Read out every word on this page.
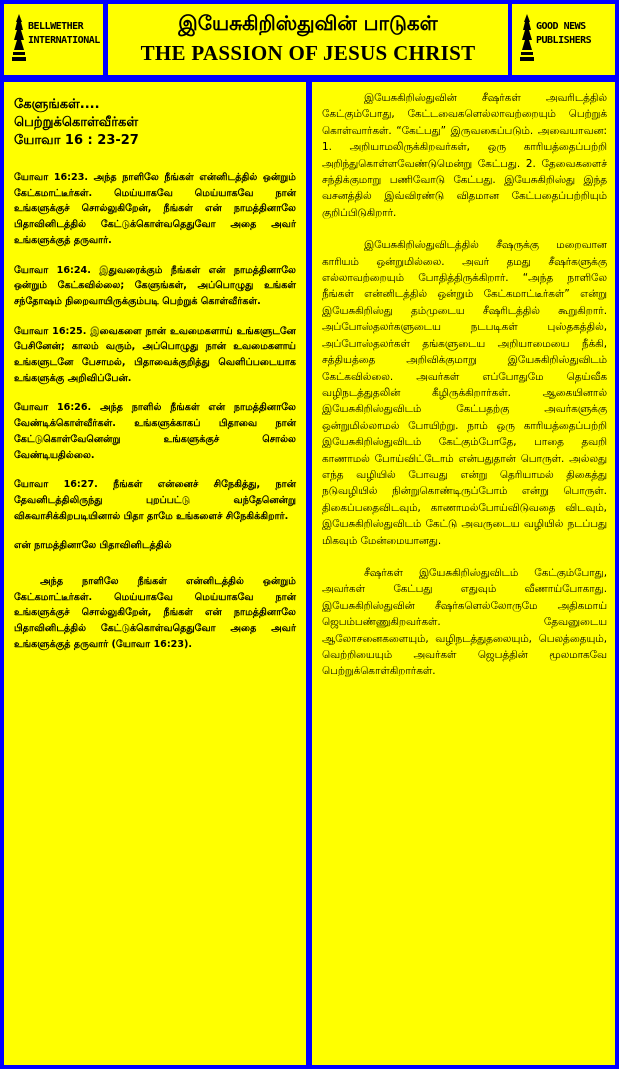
BELLWETHER
INTERNATIONAL
இயேசுகிறிஸ்துவின் பாடுகள்
THE PASSION OF JESUS CHRIST
GOOD NEWS
PUBLISHERS
கேளுங்கள்....
பெற்றுக்கொள்வீர்கள்
யோவா 16 : 23-27

யோவா 16:23. அந்த நாளிலே நீங்கள் என்னிடத்தில் ஒன்றும் கேட்கமாட்டீர்கள். மெய்யாகவே மெய்யாகவே நான் உங்களுக்குச் சொல்லுகிறேன், நீங்கள் என் நாமத்தினாலே பிதாவினிடத்தில் கேட்டுக்கொள்வதெதுவோ அதை அவர் உங்களுக்குத் தருவார்.

யோவா 16:24. இதுவரைக்கும் நீங்கள் என் நாமத்தினாலே ஒன்றும் கேட்கவில்லை; கேளுங்கள், அப்பொழுது உங்கள் சந்தோஷம் நிறைவாயிருக்கும்படி பெற்றுக் கொள்வீர்கள்.

யோவா 16:25. இவைகளை நான் உவமைகளாய் உங்களுடனே பேசினேன்; காலம் வரும், அப்பொழுது நான் உவமைகளாய் உங்களுடனே பேசாமல், பிதாவைக்குறித்து வெளிப்படையாக உங்களுக்கு அறிவிப்பேன்.

யோவா 16:26. அந்த நாளில் நீங்கள் என் நாமத்தினாலே வேண்டிக்கொள்வீர்கள். உங்களுக்காகப் பிதாவை நான் கேட்டுகொள்வேனென்று உங்களுக்குச் சொல்ல வேண்டியதில்லை.

யோவா 16:27. நீங்கள் என்னைச் சிநேகித்து, நான் தேவனிடத்திலிருந்து புறப்பட்டு வந்தேனென்று விசுவாசிக்கிறபடியினால் பிதா தாமே உங்களைச் சிநேகிக்கிறார்.

என் நாமத்தினாலே பிதாவினிடத்தில்

அந்த நாளிலே நீங்கள் என்னிடத்தில் ஒன்றும் கேட்கமாட்டீர்கள். மெய்யாகவே மெய்யாகவே நான் உங்களுக்குச் சொல்லுகிறேன், நீங்கள் என் நாமத்தினாலே பிதாவினிடத்தில் கேட்டுக்கொள்வதெதுவோ அதை அவர் உங்களுக்குத் தருவார் (யோவா 16:23).

இயேசுகிறிஸ்துவின் சீஷர்கள் அவரிடத்தில் கேட்கும்போது, கேட்டவைகளெல்லாவற்றையும் பெற்றுக் கொள்வார்கள். “கேட்பது” இருவகைப்படும். அவையாவன: 1. அறியாமலிருக்கிறவர்கள், ஒரு காரியத்தைப்பற்றி அறிந்துகொள்ளவேண்டுமென்று கேட்பது. 2. தேவைகளைச் சந்திக்குமாறு பணிவோடு கேட்பது. இயேசுகிறிஸ்து இந்த வசனத்தில் இவ்விரண்டு விதமான கேட்பதைப்பற்றியும் குறிப்பிடுகிறார்.

இயேசுகிறிஸ்துவிடத்தில் சீஷருக்கு மறைவான காரியம் ஒன்றுமில்லை. அவர் தமது சீஷர்களுக்கு எல்லாவற்றையும் போதித்திருக்கிறார். “அந்த நாளிலே நீங்கள் என்னிடத்தில் ஒன்றும் கேட்கமாட்டீர்கள்” என்று இயேசுகிறிஸ்து தம்முடைய சீஷரிடத்தில் கூறுகிறார். அப்போஸ்தலர்களுடைய நடபடிகள் புஸ்தகத்தில், அப்போஸ்தலர்கள் தங்களுடைய அறியாமையை நீக்கி, சத்தியத்தை அறிவிக்குமாறு இயேசுகிறிஸ்துவிடம் கேட்கவில்லை. அவர்கள் எப்போதுமே தெய்வீக வழிநடத்துதலின் கீழிருக்கிறார்கள். ஆகையினால் இயேசுகிறிஸ்துவிடம் கேட்பதற்கு அவர்களுக்கு ஒன்றுமில்லாமல் போயிற்று. நாம் ஒரு காரியத்தைப்பற்றி இயேசுகிறிஸ்துவிடம் கேட்கும்போதே, பாதை தவறி காணாமல் போய்விட்டோம் என்பதுதான் பொருள். அல்லது எந்த வழியில் போவது என்று தெரியாமல் திகைத்து நடுவழியில் நின்றுகொண்டிருப்போம் என்று பொருள். திகைப்பதைவிடவும், காணாமல்போய்விடுவதை விடவும், இயேசுகிறிஸ்துவிடம் கேட்டு அவருடைய வழியில் நடப்பது மிகவும் மேன்மையானது.

சீஷர்கள் இயேசுகிறிஸ்துவிடம் கேட்கும்போது, அவர்கள் கேட்பது எதுவும் வீணாய்போகாது. இயேசுகிறிஸ்துவின் சீஷர்களெல்லோருமே அதிகமாய் ஜெபம்பண்ணுகிறவர்கள். தேவனுடைய ஆலோசனைகளையும், வழிநடத்துதலையும், பெலத்தையும், வெற்றியையும் அவர்கள் ஜெபத்தின் மூலமாகவே பெற்றுக்கொள்கிறார்கள்.
